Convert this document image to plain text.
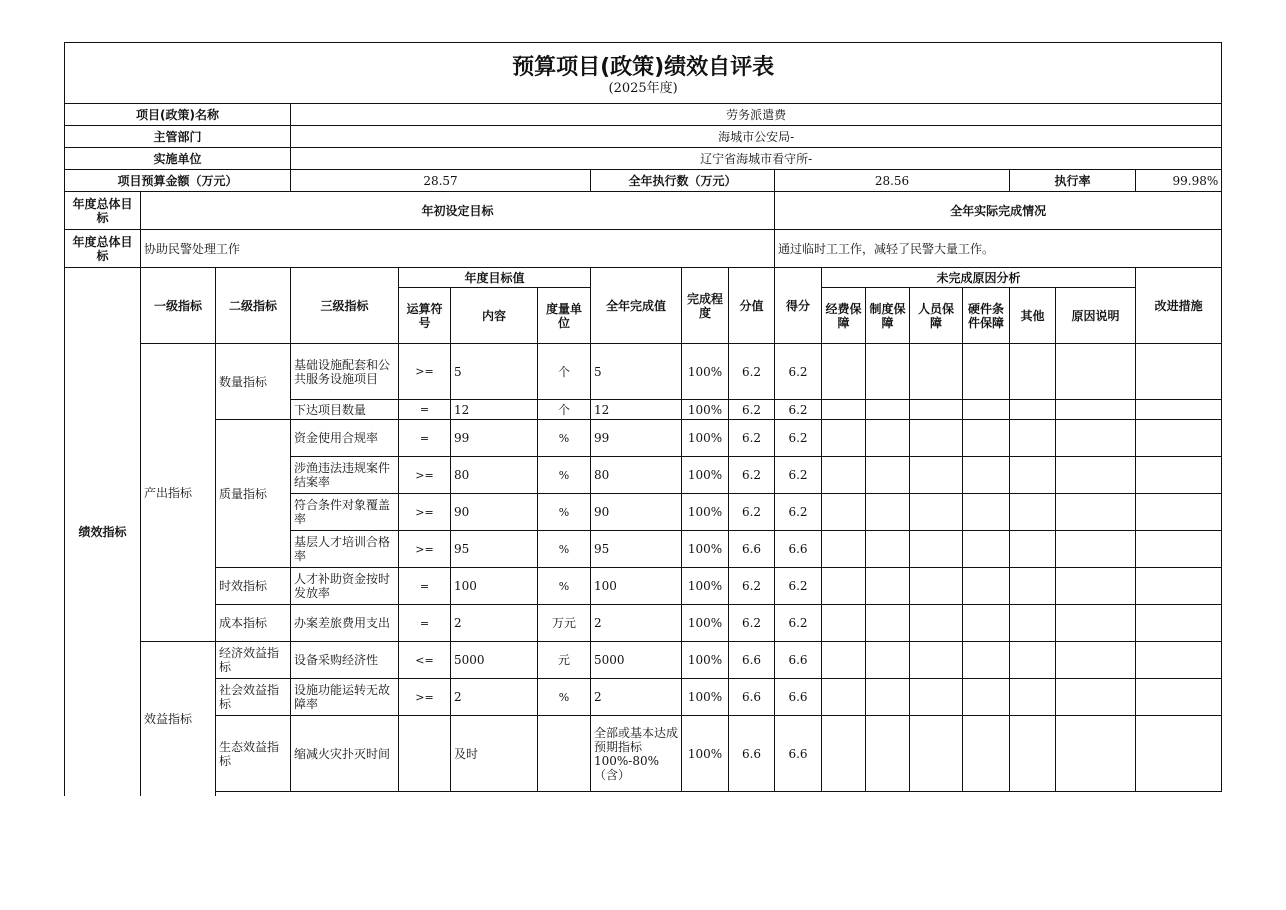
预算项目(政策)绩效自评表
(2025年度)																	

项目(政策)名称			劳务派遣费														
主管部门			海城市公安局-														
实施单位			辽宁省海城市看守所-														
项目预算金额（万元）			28.57				全年执行数（万元）			28.56					执行率		99.98%
年度总体目标	年初设定目标									全年实际完成情况							
年度总体目标	协助民警处理工作									通过临时工工作，减轻了民警大量工作。							
绩效指标	一级指标	二级指标	三级指标	年度目标值			全年完成值	完成程度	分值	得分	未完成原因分析						改进措施
				运算符号	内容	度量单位					经费保障	制度保障	人员保障	硬件条件保障	其他	原因说明	
	产出指标	数量指标	基础设施配套和公共服务设施项目	>=	5	个	5	100%	6.2	6.2							
			下达项目数量	=	12	个	12	100%	6.2	6.2							
		质量指标	资金使用合规率	=	99	%	99	100%	6.2	6.2							
			涉渔违法违规案件结案率	>=	80	%	80	100%	6.2	6.2							
			符合条件对象覆盖率	>=	90	%	90	100%	6.2	6.2							
			基层人才培训合格率	>=	95	%	95	100%	6.6	6.6							
		时效指标	人才补助资金按时发放率	=	100	%	100	100%	6.2	6.2							
		成本指标	办案差旅费用支出	=	2	万元	2	100%	6.2	6.2							
	效益指标	经济效益指标	设备采购经济性	<=	5000	元	5000	100%	6.6	6.6							
		社会效益指标	设施功能运转无故障率	>=	2	%	2	100%	6.6	6.6							
		生态效益指标	缩减火灾扑灭时间		及时		全部或基本达成预期指标100%-80%（含）	100%	6.6	6.6							
